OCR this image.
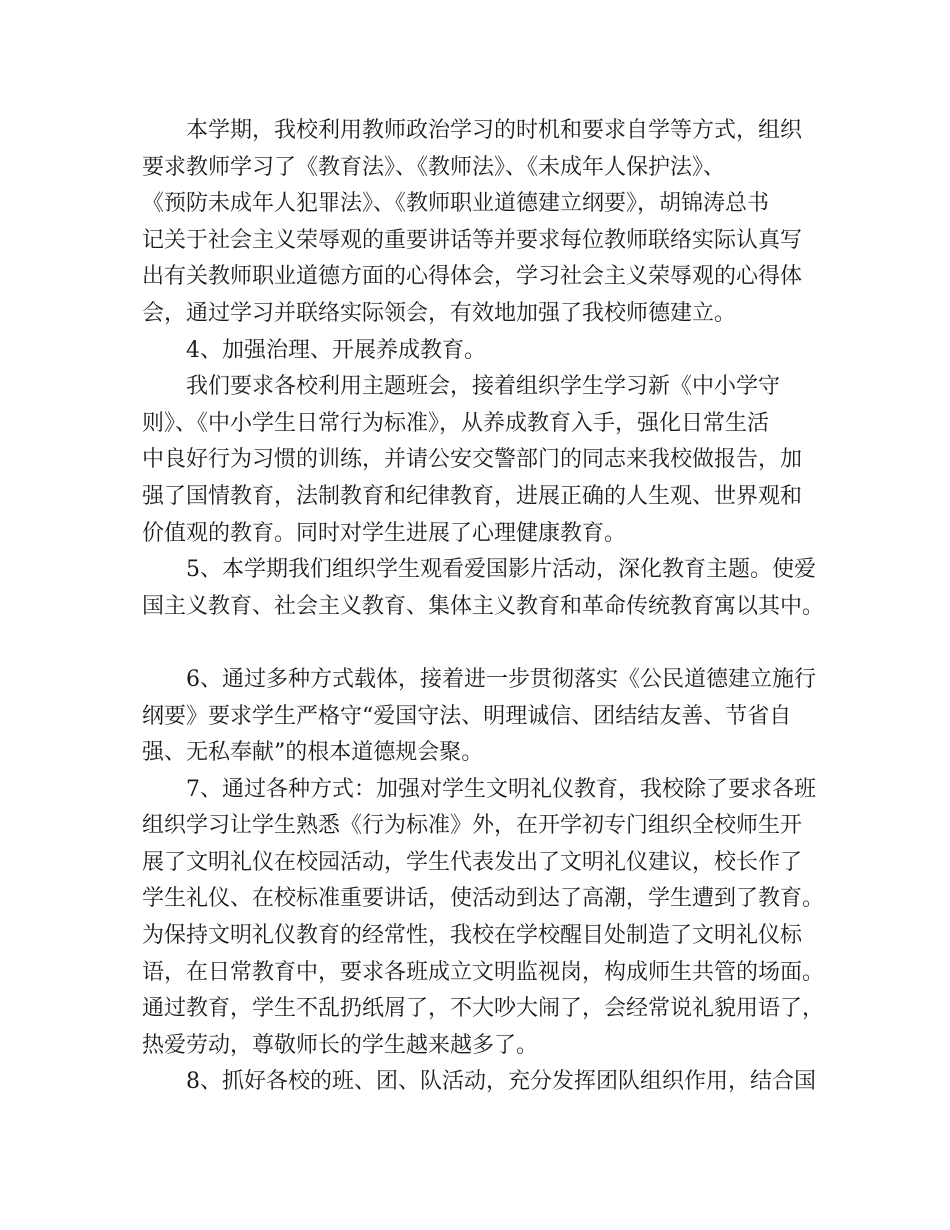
本学期，我校利用教师政治学习的时机和要求自学等方式，组织
要求教师学习了《教育法》、《教师法》、《未成年人保护法》、
《预防未成年人犯罪法》、《教师职业道德建立纲要》，胡锦涛总书
记关于社会主义荣辱观的重要讲话等并要求每位教师联络实际认真写
出有关教师职业道德方面的心得体会，学习社会主义荣辱观的心得体
会，通过学习并联络实际领会，有效地加强了我校师德建立。
4、加强治理、开展养成教育。
我们要求各校利用主题班会，接着组织学生学习新《中小学守
则》、《中小学生日常行为标准》，从养成教育入手，强化日常生活
中良好行为习惯的训练，并请公安交警部门的同志来我校做报告，加
强了国情教育，法制教育和纪律教育，进展正确的人生观、世界观和
价值观的教育。同时对学生进展了心理健康教育。
5、本学期我们组织学生观看爱国影片活动，深化教育主题。使爱
国主义教育、社会主义教育、集体主义教育和革命传统教育寓以其中。
6、通过多种方式载体，接着进一步贯彻落实《公民道德建立施行
纲要》要求学生严格守“爱国守法、明理诚信、团结结友善、节省自
强、无私奉献”的根本道德规会聚。
7、通过各种方式：加强对学生文明礼仪教育，我校除了要求各班
组织学习让学生熟悉《行为标准》外，在开学初专门组织全校师生开
展了文明礼仪在校园活动，学生代表发出了文明礼仪建议，校长作了
学生礼仪、在校标准重要讲话，使活动到达了高潮，学生遭到了教育。
为保持文明礼仪教育的经常性，我校在学校醒目处制造了文明礼仪标
语，在日常教育中，要求各班成立文明监视岗，构成师生共管的场面。
通过教育，学生不乱扔纸屑了，不大吵大闹了，会经常说礼貌用语了，
热爱劳动，尊敬师长的学生越来越多了。
8、抓好各校的班、团、队活动，充分发挥团队组织作用，结合国
